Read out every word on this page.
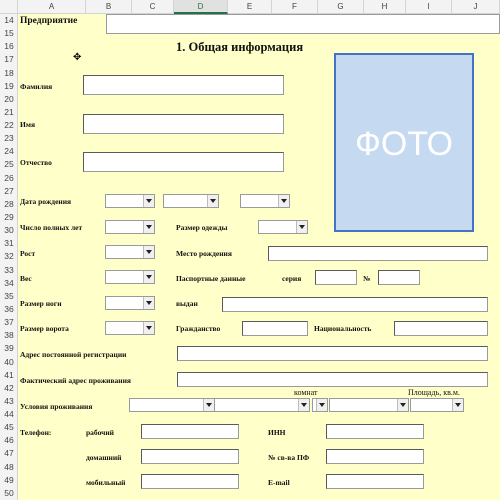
A	B	C	D	E	F	G	H	I	J
14
15
16
17
18
19
20
21
22
23
24
25
26
27
28
29
30
31
32
33
34
35
36
37
38
39
40
41
42
43
44
45
46
47
48
49
50
Предприятие
1. Общая информация
✥
ФОТО
Фамилия
Имя
Отчество
Дата рождения
Число полных лет	Размер одежды
Рост	Место рождения
Вес	Паспортные данные	серия	№
Размер ноги	выдан
Размер ворота	Гражданство	Национальность
Адрес постоянной регистрации
Фактический адрес проживания
комнат	Площадь, кв.м.
Условия проживания
Телефон:	рабочий	ИНН
домашний	№ св-ва ПФ
мобильный	E-mail
